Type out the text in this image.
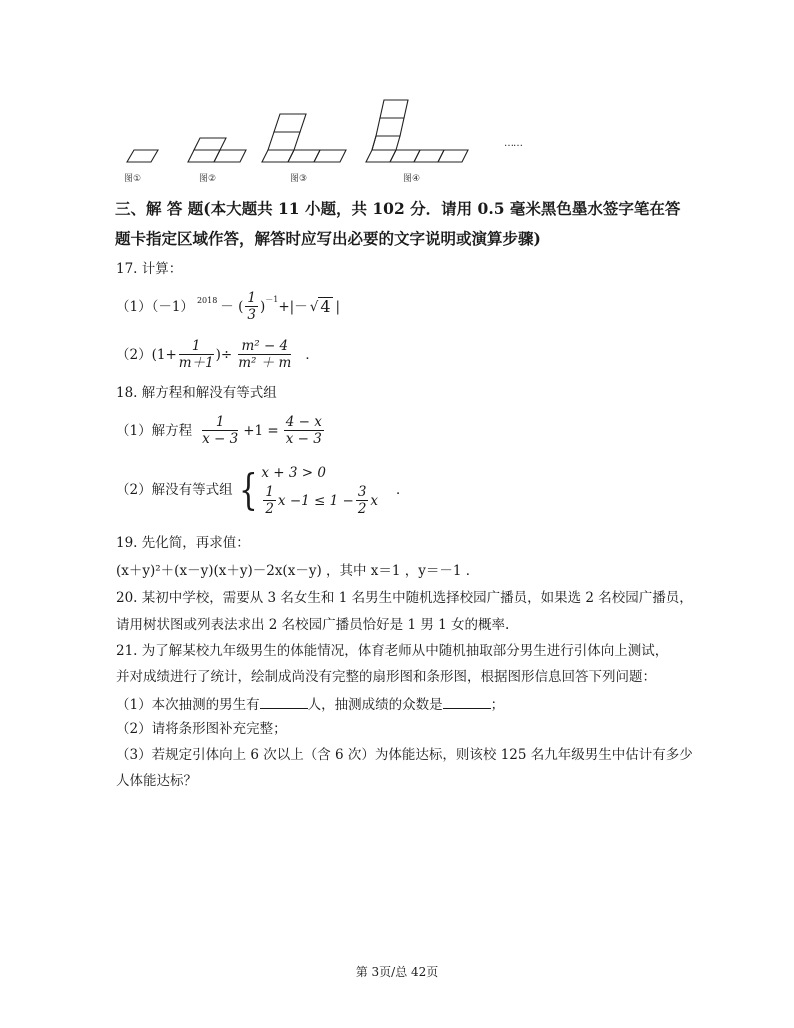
图①	图②	图③	图④
……
三、解 答 题(本大题共 11 小题，共 102 分．请用 0.5 毫米黑色墨水签字笔在答
题卡指定区域作答，解答时应写出必要的文字说明或演算步骤)
17. 计算：
（1）（－1） $^{2018}$ － ( $\frac{1}{3} )^{-1}$ +|－ √ 4 |
$(2)(1+ \frac{1}{m+1}$ )÷ $\frac{\text{m² − 4}}{\text{m² ＋ m}}$ ．
18. 解方程和解没有等式组
（1）解方程 $\frac{1}{x - 3} +1 = \frac{4 - x}{x - 3}$
（2）解没有等式组 { x + 3 > 0
$\frac{1}{2}$ $x -1 \le 1 - \frac{3}{2}$ x
．
19. 先化简，再求值：
(x＋y)²＋(x－y)(x＋y)－2x(x－y) ，其中 x＝1 ，y＝－1 ．
20. 某初中学校，需要从 3 名女生和 1 名男生中随机选择校园广播员，如果选 2 名校园广播员，
请用树状图或列表法求出 2 名校园广播员恰好是 1 男 1 女的概率.
21. 为了解某校九年级男生的体能情况，体育老师从中随机抽取部分男生进行引体向上测试，
并对成绩进行了统计，绘制成尚没有完整的扇形图和条形图，根据图形信息回答下列问题：
（1）本次抽测的男生有	人，抽测成绩的众数是	；
（2）请将条形图补充完整；
（3）若规定引体向上 6 次以上（含 6 次）为体能达标，则该校 125 名九年级男生中估计有多少
人体能达标？
第 3页/总 42页
